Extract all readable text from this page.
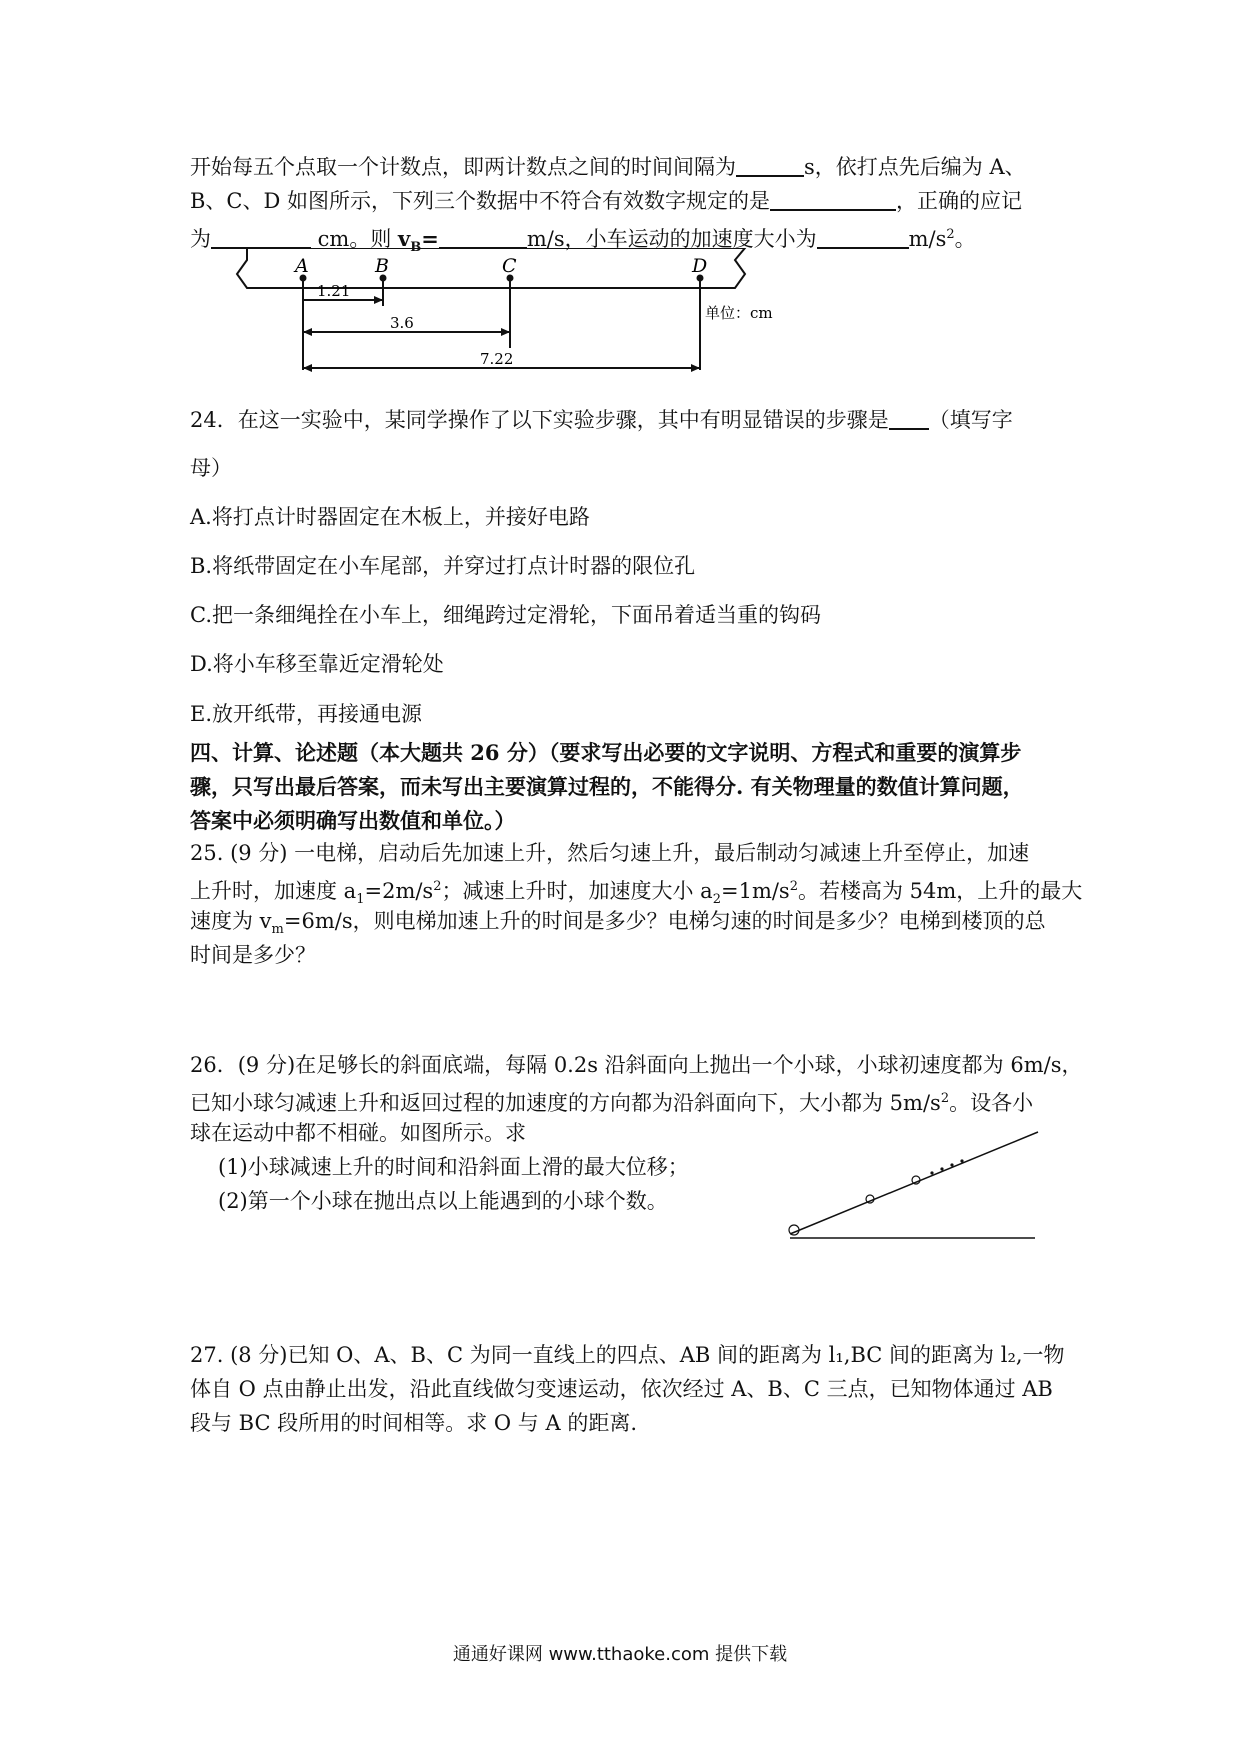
开始每五个点取一个计数点，即两计数点之间的时间间隔为	s，依打点先后编为 A、
B、C、D 如图所示，下列三个数据中不符合有效数字规定的是	，正确的应记
为	cm。则 $v_B=$	m/s，小车运动的加速度大小为	$m/s^2$。
A	B	C	D
1.21
3.6
7.22
单位：cm
24．在这一实验中，某同学操作了以下实验步骤，其中有明显错误的步骤是 （填写字
母）
A.将打点计时器固定在木板上，并接好电路
B.将纸带固定在小车尾部，并穿过打点计时器的限位孔
C.把一条细绳拴在小车上，细绳跨过定滑轮，下面吊着适当重的钩码
D.将小车移至靠近定滑轮处
E.放开纸带，再接通电源
四、计算、论述题（本大题共 26 分）（要求写出必要的文字说明、方程式和重要的演算步
骤，只写出最后答案，而未写出主要演算过程的，不能得分. 有关物理量的数值计算问题，
答案中必须明确写出数值和单位。）
25. (9 分) 一电梯，启动后先加速上升，然后匀速上升，最后制动匀减速上升至停止，加速
上升时，加速度 $a_1=2m/s^2$；减速上升时，加速度大小 $a_2=1m/s^2$。若楼高为 54m，上升的最大
速度为 $v_m=6m/s$，则电梯加速上升的时间是多少？电梯匀速的时间是多少？电梯到楼顶的总
时间是多少？
26．(9 分)在足够长的斜面底端，每隔 0.2s 沿斜面向上抛出一个小球，小球初速度都为 6m/s，
已知小球匀减速上升和返回过程的加速度的方向都为沿斜面向下，大小都为 $5m/s^2$。设各小
球在运动中都不相碰。如图所示。求
(1)小球减速上升的时间和沿斜面上滑的最大位移；
(2)第一个小球在抛出点以上能遇到的小球个数。
27. (8 分)已知 O、A、B、C 为同一直线上的四点、AB 间的距离为 l₁,BC 间的距离为 l₂,一物
体自 O 点由静止出发，沿此直线做匀变速运动，依次经过 A、B、C 三点，已知物体通过 AB
段与 BC 段所用的时间相等。求 O 与 A 的距离.
通通好课网 www.tthaoke.com 提供下载
